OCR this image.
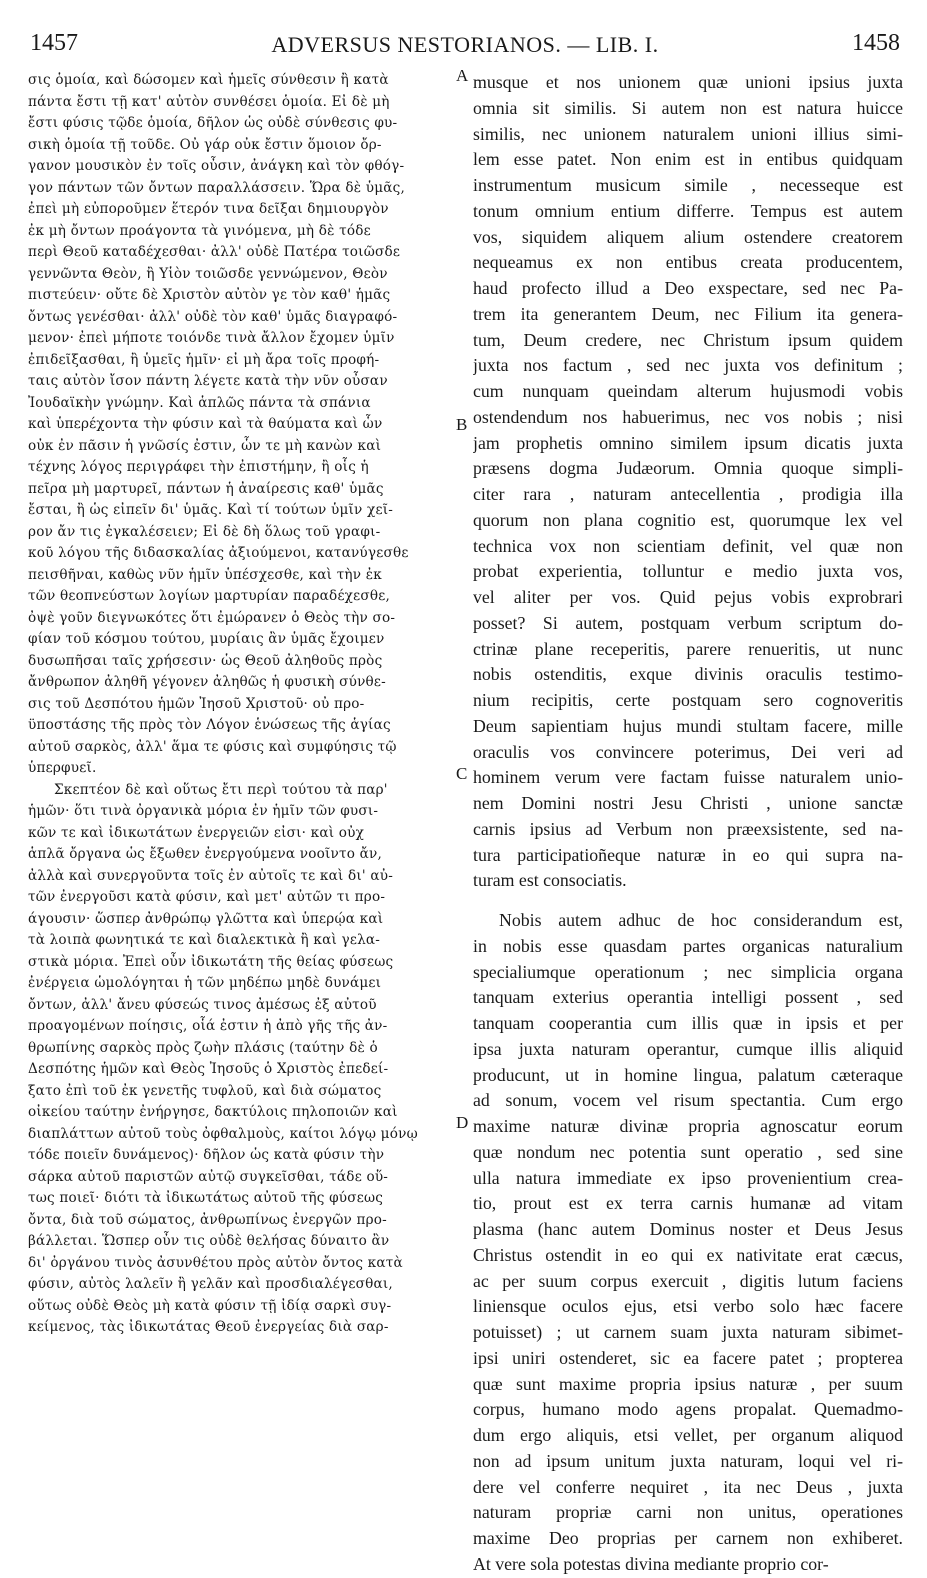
1457	ADVERSUS NESTORIANOS. — LIB. I.	1458
σις ὁμοία, καὶ δώσομεν καὶ ἡμεῖς σύνθεσιν ἢ κατὰ
πάντα ἔστι τῇ κατ' αὐτὸν συνθέσει ὁμοία. Εἰ δὲ μὴ
ἔστι φύσις τῷδε ὁμοία, δῆλον ὡς οὐδὲ σύνθεσις φυ-
σικὴ ὁμοία τῇ τοῦδε. Οὐ γάρ οὐκ ἔστιν ὅμοιον ὄρ-
γανον μουσικὸν ἐν τοῖς οὖσιν, ἀνάγκη καὶ τὸν φθόγ-
γον πάντων τῶν ὄντων παραλλάσσειν. Ὥρα δὲ ὑμᾶς,
ἐπεὶ μὴ εὐποροῦμεν ἕτερόν τινα δεῖξαι δημιουργὸν
ἐκ μὴ ὄντων προάγοντα τὰ γινόμενα, μὴ δὲ τόδε
περὶ Θεοῦ καταδέχεσθαι· ἀλλ' οὐδὲ Πατέρα τοιῶσδε
γεννῶντα Θεὸν, ἢ Υἱὸν τοιῶσδε γεννώμενον, Θεὸν
πιστεύειν· οὔτε δὲ Χριστὸν αὐτὸν γε τὸν καθ' ἡμᾶς
ὄντως γενέσθαι· ἀλλ' οὐδὲ τὸν καθ' ὑμᾶς διαγραφό-
μενον· ἐπεὶ μήποτε τοιόνδε τινὰ ἄλλον ἔχομεν ὑμῖν
ἐπιδεῖξασθαι, ἢ ὑμεῖς ἡμῖν· εἰ μὴ ἄρα τοῖς προφή-
ταις αὐτὸν ἴσον πάντη λέγετε κατὰ τὴν νῦν οὖσαν
Ἰουδαϊκὴν γνώμην. Καὶ ἁπλῶς πάντα τὰ σπάνια
καὶ ὑπερέχοντα τὴν φύσιν καὶ τὰ θαύματα καὶ ὧν
οὐκ ἐν πᾶσιν ἡ γνῶσίς ἐστιν, ὧν τε μὴ κανὼν καὶ
τέχνης λόγος περιγράφει τὴν ἐπιστήμην, ἢ οἷς ἡ
πεῖρα μὴ μαρτυρεῖ, πάντων ἡ ἀναίρεσις καθ' ὑμᾶς
ἔσται, ἢ ὡς εἰπεῖν δι' ὑμᾶς. Καὶ τί τούτων ὑμῖν χεῖ-
ρον ἄν τις ἐγκαλέσειεν; Εἰ δὲ δὴ ὅλως τοῦ γραφι-
κοῦ λόγου τῆς διδασκαλίας ἀξιούμενοι, κατανύγεσθε
πεισθῆναι, καθὼς νῦν ἡμῖν ὑπέσχεσθε, καὶ τὴν ἐκ
τῶν θεοπνεύστων λογίων μαρτυρίαν παραδέχεσθε,
ὀψὲ γοῦν διεγνωκότες ὅτι ἐμώρανεν ὁ Θεὸς τὴν σο-
φίαν τοῦ κόσμου τούτου, μυρίαις ἂν ὑμᾶς ἔχοιμεν
δυσωπῆσαι ταῖς χρήσεσιν· ὡς Θεοῦ ἀληθοῦς πρὸς
ἄνθρωπον ἀληθῆ γέγονεν ἀληθῶς ἡ φυσικὴ σύνθε-
σις τοῦ Δεσπότου ἡμῶν Ἰησοῦ Χριστοῦ· οὐ προ-
ϋποστάσης τῆς πρὸς τὸν Λόγον ἑνώσεως τῆς ἁγίας
αὐτοῦ σαρκὸς, ἀλλ' ἅμα τε φύσις καὶ συμφύησις τῷ
ὑπερφυεῖ.
Σκεπτέον δὲ καὶ οὕτως ἔτι περὶ τούτου τὰ παρ'
ἡμῶν· ὅτι τινὰ ὀργανικὰ μόρια ἐν ἡμῖν τῶν φυσι-
κῶν τε καὶ ἰδικωτάτων ἐνεργειῶν εἰσι· καὶ οὐχ
ἁπλᾶ ὄργανα ὡς ἔξωθεν ἐνεργούμενα νοοῖντο ἄν,
ἀλλὰ καὶ συνεργοῦντα τοῖς ἐν αὐτοῖς τε καὶ δι' αὐ-
τῶν ἐνεργοῦσι κατὰ φύσιν, καὶ μετ' αὐτῶν τι προ-
άγουσιν· ὥσπερ ἀνθρώπῳ γλῶττα καὶ ὑπερῴα καὶ
τὰ λοιπὰ φωνητικά τε καὶ διαλεκτικὰ ἢ καὶ γελα-
στικὰ μόρια. Ἐπεὶ οὖν ἰδικωτάτη τῆς θείας φύσεως
ἐνέργεια ὡμολόγηται ἡ τῶν μηδέπω μηδὲ δυνάμει
ὄντων, ἀλλ' ἄνευ φύσεώς τινος ἀμέσως ἐξ αὐτοῦ
προαγομένων ποίησις, οἷά ἐστιν ἡ ἀπὸ γῆς τῆς ἀν-
θρωπίνης σαρκὸς πρὸς ζωὴν πλάσις (ταύτην δὲ ὁ
Δεσπότης ἡμῶν καὶ Θεὸς Ἰησοῦς ὁ Χριστὸς ἐπεδεί-
ξατο ἐπὶ τοῦ ἐκ γενετῆς τυφλοῦ, καὶ διὰ σώματος
οἰκείου ταύτην ἐνήργησε, δακτύλοις πηλοποιῶν καὶ
διαπλάττων αὐτοῦ τοὺς ὀφθαλμοὺς, καίτοι λόγῳ μόνῳ
τόδε ποιεῖν δυνάμενος)· δῆλον ὡς κατὰ φύσιν τὴν
σάρκα αὐτοῦ παριστῶν αὐτῷ συγκεῖσθαι, τάδε οὕ-
τως ποιεῖ· διότι τὰ ἰδικωτάτως αὐτοῦ τῆς φύσεως
ὄντα, διὰ τοῦ σώματος, ἀνθρωπίνως ἐνεργῶν προ-
βάλλεται. Ὥσπερ οὖν τις οὐδὲ θελήσας δύναιτο ἂν
δι' ὀργάνου τινὸς ἀσυνθέτου πρὸς αὐτὸν ὄντος κατὰ
φύσιν, αὐτὸς λαλεῖν ἢ γελᾶν καὶ προσδιαλέγεσθαι,
οὕτως οὐδὲ Θεὸς μὴ κατὰ φύσιν τῇ ἰδίᾳ σαρκὶ συγ-
κείμενος, τὰς ἰδικωτάτας Θεοῦ ἐνεργείας διὰ σαρ-
musque et nos unionem quæ unioni ipsius juxta
omnia sit similis. Si autem non est natura huicce
similis, nec unionem naturalem unioni illius simi-
lem esse patet. Non enim est in entibus quidquam
instrumentum musicum simile , necesseque est
tonum omnium entium differre. Tempus est autem
vos, siquidem aliquem alium ostendere creatorem
nequeamus ex non entibus creata producentem,
haud profecto illud a Deo exspectare, sed nec Pa-
trem ita generantem Deum, nec Filium ita genera-
tum, Deum credere, nec Christum ipsum quidem
juxta nos factum , sed nec juxta vos definitum ;
cum nunquam queindam alterum hujusmodi vobis
ostendendum nos habuerimus, nec vos nobis ; nisi
jam prophetis omnino similem ipsum dicatis juxta
præsens dogma Judæorum. Omnia quoque simpli-
citer rara , naturam antecellentia , prodigia illa
quorum non plana cognitio est, quorumque lex vel
technica vox non scientiam definit, vel quæ non
probat experientia, tolluntur e medio juxta vos,
vel aliter per vos. Quid pejus vobis exprobrari
posset? Si autem, postquam verbum scriptum do-
ctrinæ plane receperitis, parere renueritis, ut nunc
nobis ostenditis, exque divinis oraculis testimo-
nium recipitis, certe postquam sero cognoveritis
Deum sapientiam hujus mundi stultam facere, mille
oraculis vos convincere poterimus, Dei veri ad
hominem verum vere factam fuisse naturalem unio-
nem Domini nostri Jesu Christi , unione sanctæ
carnis ipsius ad Verbum non præexsistente, sed na-
tura participatioñeque naturæ in eo qui supra na-
turam est consociatis.
Nobis autem adhuc de hoc considerandum est,
in nobis esse quasdam partes organicas naturalium
specialiumque operationum ; nec simplicia organa
tanquam exterius operantia intelligi possent , sed
tanquam cooperantia cum illis quæ in ipsis et per
ipsa juxta naturam operantur, cumque illis aliquid
producunt, ut in homine lingua, palatum cæteraque
ad sonum, vocem vel risum spectantia. Cum ergo
maxime naturæ divinæ propria agnoscatur eorum
quæ nondum nec potentia sunt operatio , sed sine
ulla natura immediate ex ipso provenientium crea-
tio, prout est ex terra carnis humanæ ad vitam
plasma (hanc autem Dominus noster et Deus Jesus
Christus ostendit in eo qui ex nativitate erat cæcus,
ac per suum corpus exercuit , digitis lutum faciens
liniensque oculos ejus, etsi verbo solo hæc facere
potuisset) ; ut carnem suam juxta naturam sibimet-
ipsi uniri ostenderet, sic ea facere patet ; propterea
quæ sunt maxime propria ipsius naturæ , per suum
corpus, humano modo agens propalat. Quemadmo-
dum ergo aliquis, etsi vellet, per organum aliquod
non ad ipsum unitum juxta naturam, loqui vel ri-
dere vel conferre nequiret , ita nec Deus , juxta
naturam propriæ carni non unitus, operationes
maxime Deo proprias per carnem non exhiberet.
At vere sola potestas divina mediante proprio cor-
A
B
C
D
